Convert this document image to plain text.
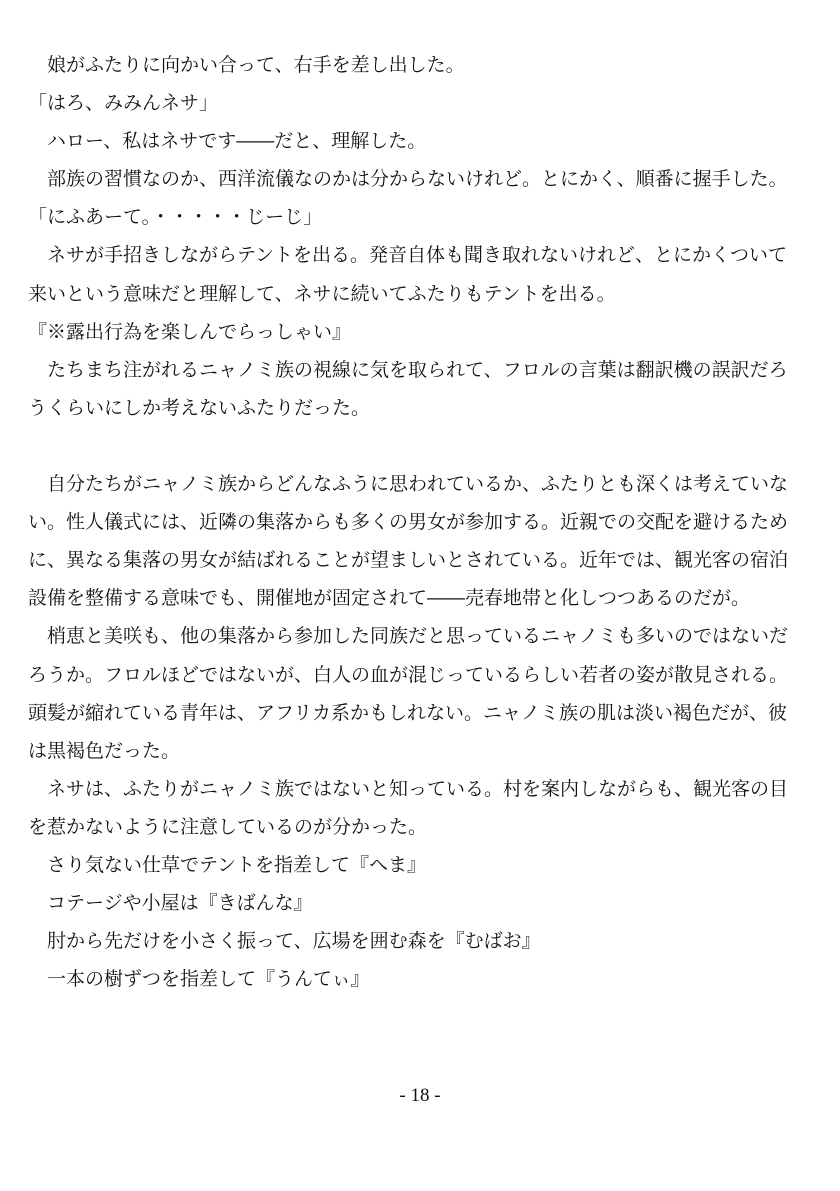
　娘がふたりに向かい合って、右手を差し出した。
「はろ、みみんネサ」
　ハロー、私はネサです――だと、理解した。
　部族の習慣なのか、西洋流儀なのかは分からないけれど。とにかく、順番に握手した。
「にふあーて。・・・・・じーじ」
　ネサが手招きしながらテントを出る。発音自体も聞き取れないけれど、とにかくついて
来いという意味だと理解して、ネサに続いてふたりもテントを出る。
『※露出行為を楽しんでらっしゃい』
　たちまち注がれるニャノミ族の視線に気を取られて、フロルの言葉は翻訳機の誤訳だろ
うくらいにしか考えないふたりだった。
　自分たちがニャノミ族からどんなふうに思われているか、ふたりとも深くは考えていな
い。性人儀式には、近隣の集落からも多くの男女が参加する。近親での交配を避けるため
に、異なる集落の男女が結ばれることが望ましいとされている。近年では、観光客の宿泊
設備を整備する意味でも、開催地が固定されて――売春地帯と化しつつあるのだが。
　梢恵と美咲も、他の集落から参加した同族だと思っているニャノミも多いのではないだ
ろうか。フロルほどではないが、白人の血が混じっているらしい若者の姿が散見される。
頭髪が縮れている青年は、アフリカ系かもしれない。ニャノミ族の肌は淡い褐色だが、彼
は黒褐色だった。
　ネサは、ふたりがニャノミ族ではないと知っている。村を案内しながらも、観光客の目
を惹かないように注意しているのが分かった。
　さり気ない仕草でテントを指差して『へま』
　コテージや小屋は『きばんな』
　肘から先だけを小さく振って、広場を囲む森を『むばお』
　一本の樹ずつを指差して『うんてぃ』
- 18 -
